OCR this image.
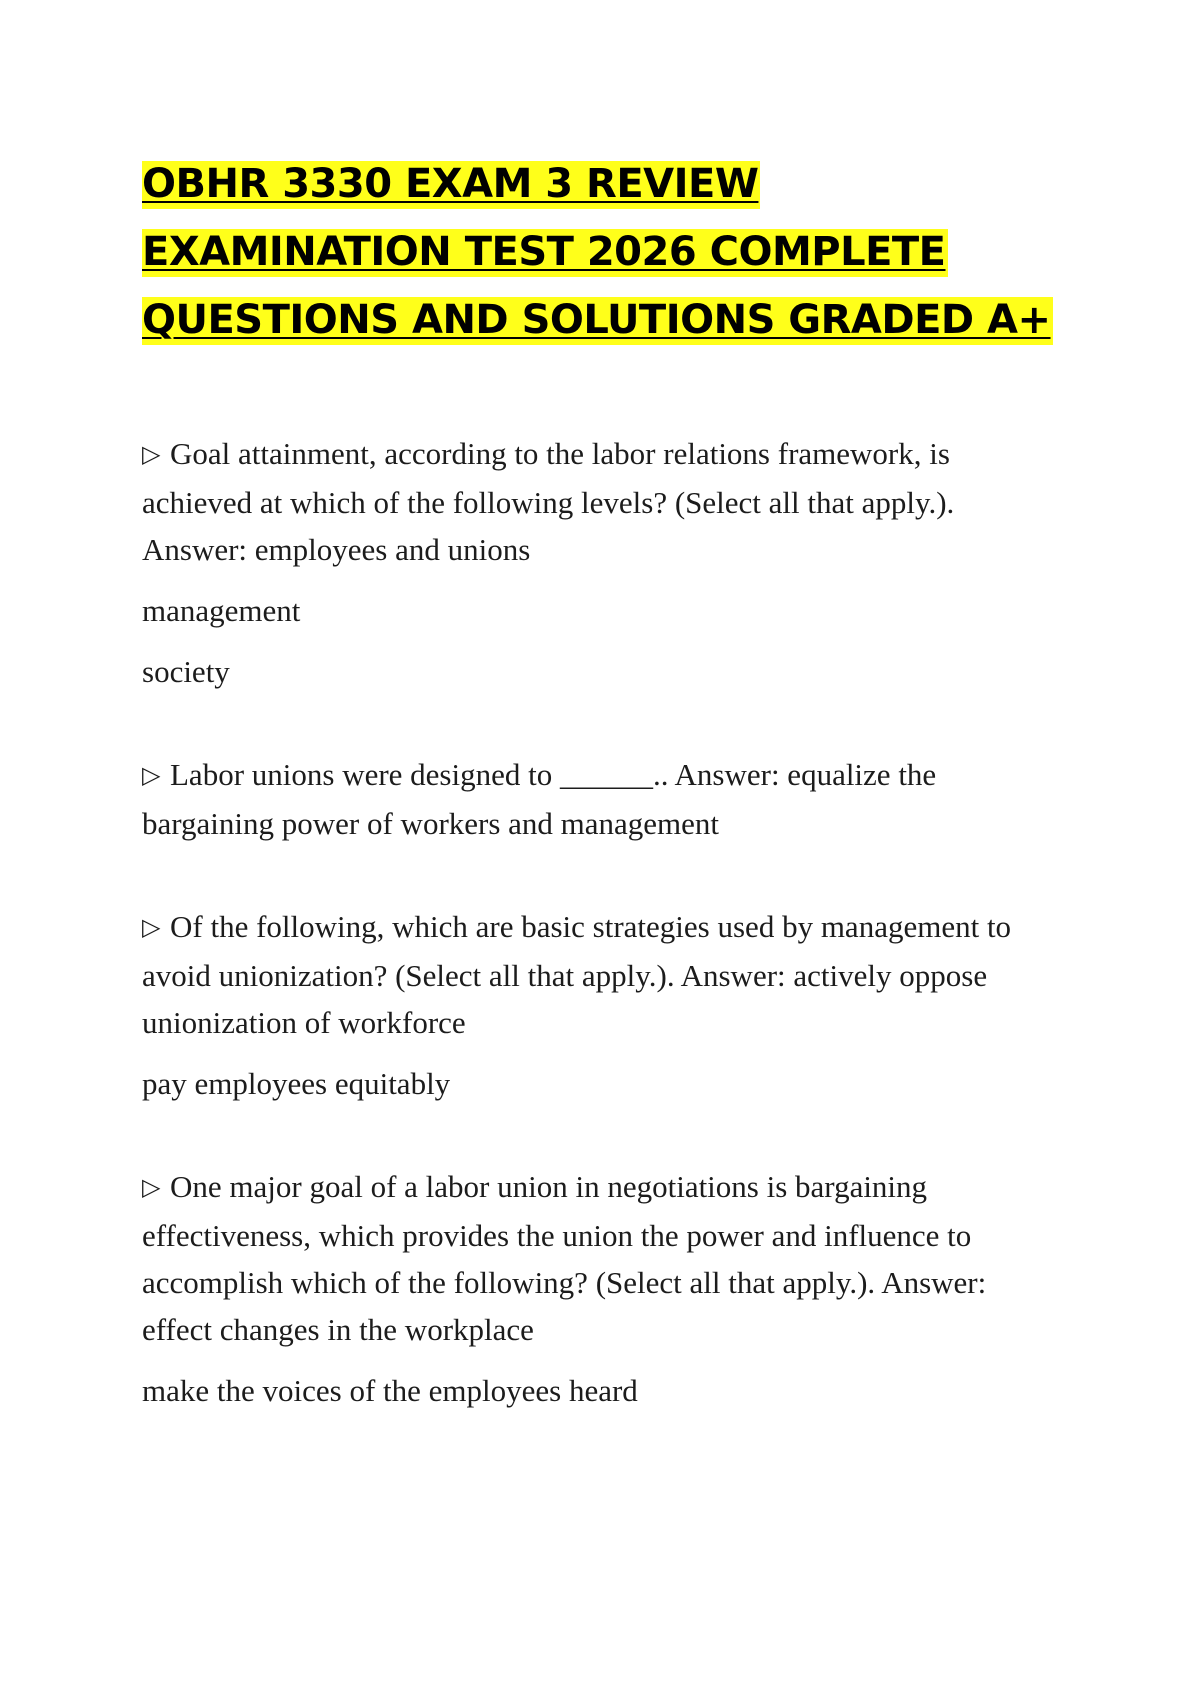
OBHR 3330 EXAM 3 REVIEW
EXAMINATION TEST 2026 COMPLETE
QUESTIONS AND SOLUTIONS GRADED A+

▷ Goal attainment, according to the labor relations framework, is achieved at which of the following levels? (Select all that apply.). Answer: employees and unions

management

society

▷ Labor unions were designed to ______.. Answer: equalize the bargaining power of workers and management

▷ Of the following, which are basic strategies used by management to avoid unionization? (Select all that apply.). Answer: actively oppose unionization of workforce

pay employees equitably

▷ One major goal of a labor union in negotiations is bargaining effectiveness, which provides the union the power and influence to accomplish which of the following? (Select all that apply.). Answer: effect changes in the workplace

make the voices of the employees heard
